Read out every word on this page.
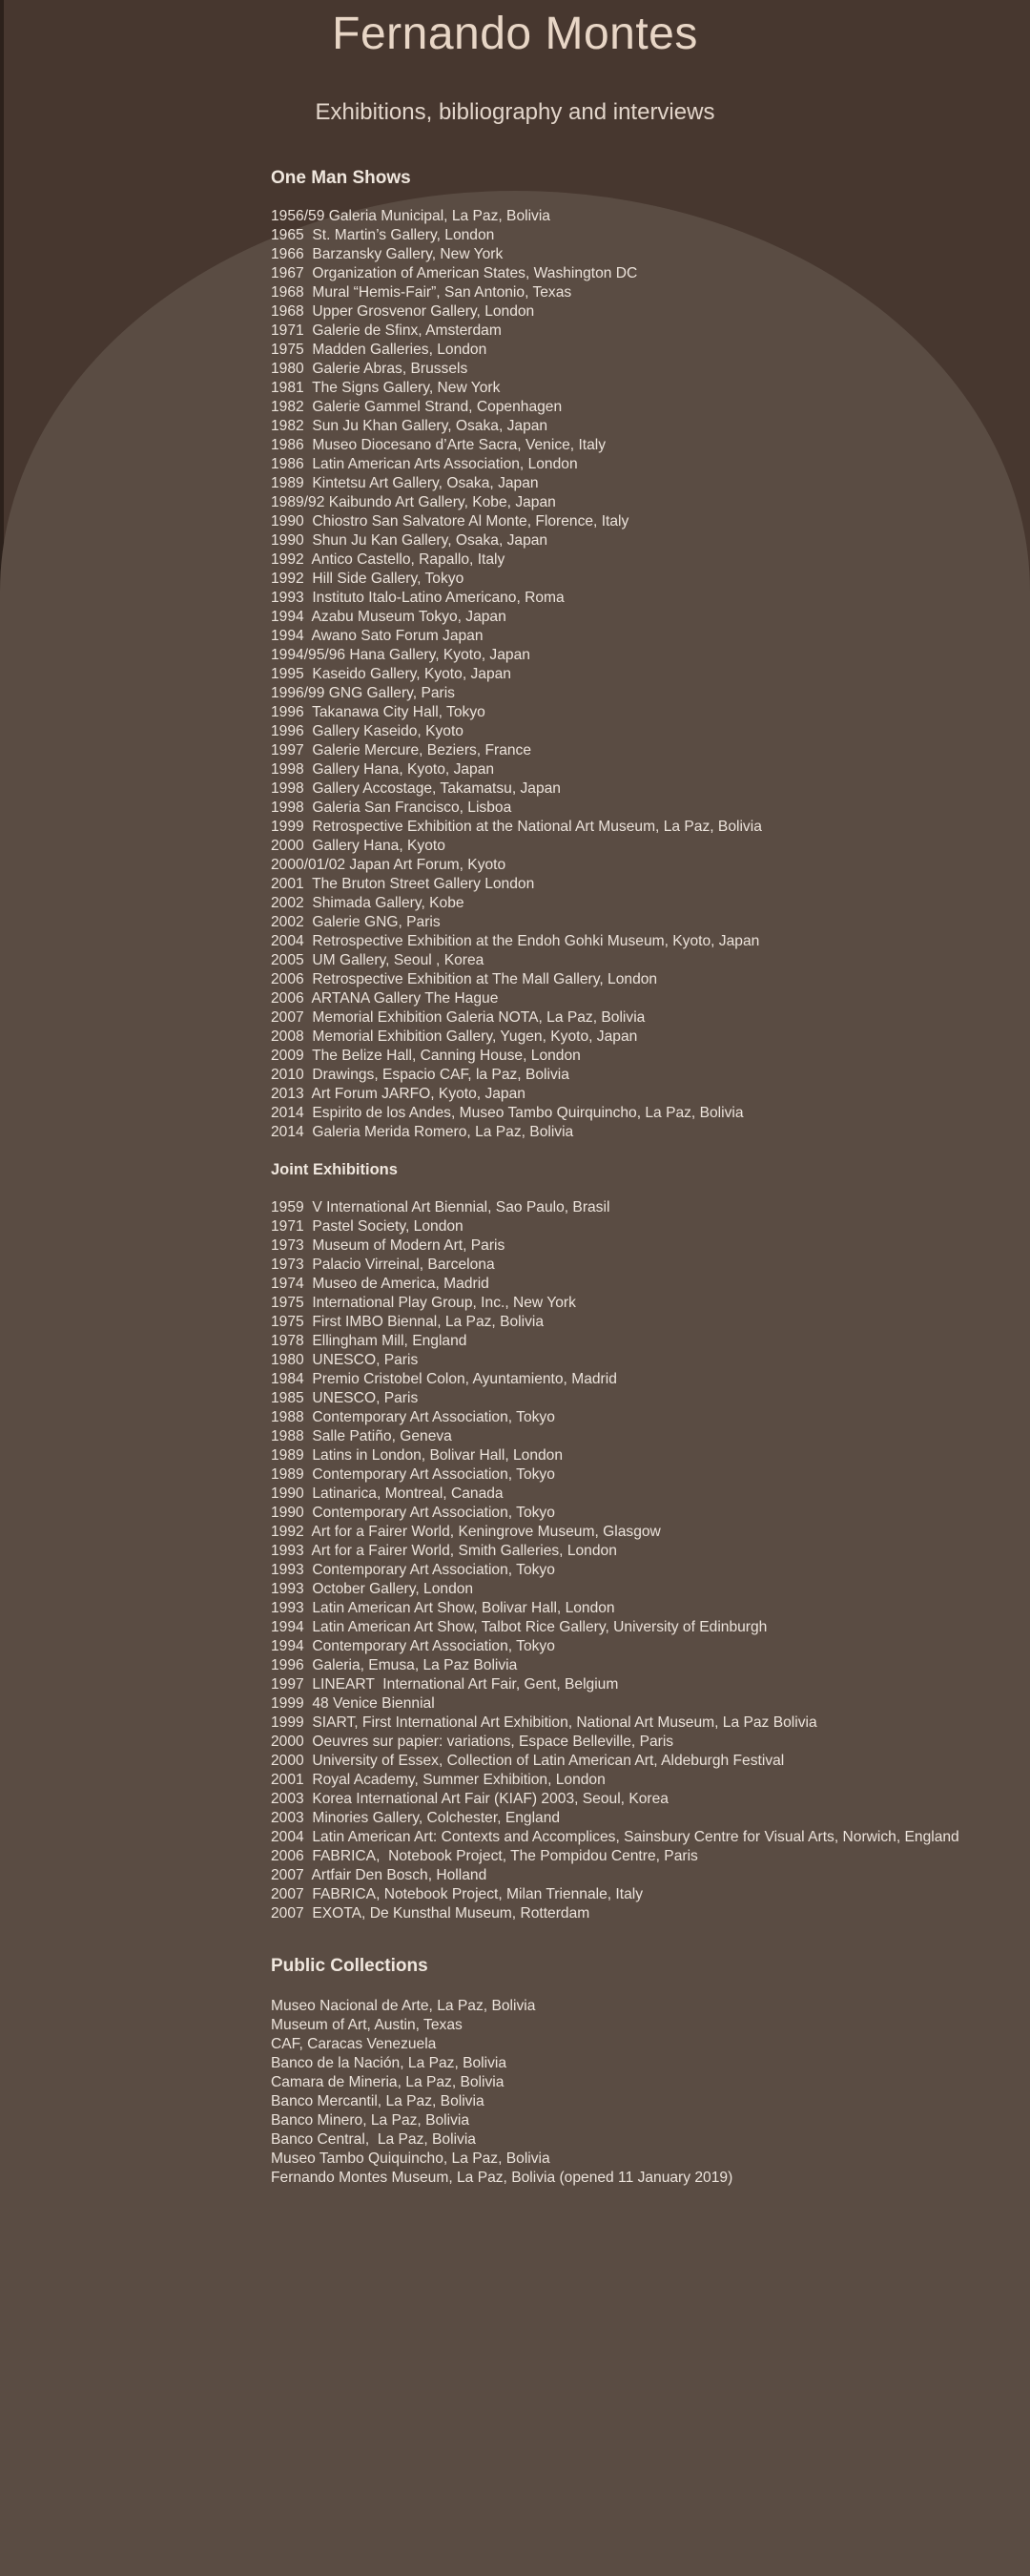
Fernando Montes
Exhibitions, bibliography and interviews
One Man Shows
1956/59 Galeria Municipal, La Paz, Bolivia
1965  St. Martin’s Gallery, London
1966  Barzansky Gallery, New York
1967  Organization of American States, Washington DC
1968  Mural “Hemis-Fair”, San Antonio, Texas
1968  Upper Grosvenor Gallery, London
1971  Galerie de Sfinx, Amsterdam
1975  Madden Galleries, London
1980  Galerie Abras, Brussels
1981  The Signs Gallery, New York
1982  Galerie Gammel Strand, Copenhagen
1982  Sun Ju Khan Gallery, Osaka, Japan
1986  Museo Diocesano d’Arte Sacra, Venice, Italy
1986  Latin American Arts Association, London
1989  Kintetsu Art Gallery, Osaka, Japan
1989/92 Kaibundo Art Gallery, Kobe, Japan
1990  Chiostro San Salvatore Al Monte, Florence, Italy
1990  Shun Ju Kan Gallery, Osaka, Japan
1992  Antico Castello, Rapallo, Italy
1992  Hill Side Gallery, Tokyo
1993  Instituto Italo-Latino Americano, Roma
1994  Azabu Museum Tokyo, Japan
1994  Awano Sato Forum Japan
1994/95/96 Hana Gallery, Kyoto, Japan
1995  Kaseido Gallery, Kyoto, Japan
1996/99 GNG Gallery, Paris
1996  Takanawa City Hall, Tokyo
1996  Gallery Kaseido, Kyoto
1997  Galerie Mercure, Beziers, France
1998  Gallery Hana, Kyoto, Japan
1998  Gallery Accostage, Takamatsu, Japan
1998  Galeria San Francisco, Lisboa
1999  Retrospective Exhibition at the National Art Museum, La Paz, Bolivia
2000  Gallery Hana, Kyoto
2000/01/02 Japan Art Forum, Kyoto
2001  The Bruton Street Gallery London
2002  Shimada Gallery, Kobe
2002  Galerie GNG, Paris
2004  Retrospective Exhibition at the Endoh Gohki Museum, Kyoto, Japan
2005  UM Gallery, Seoul , Korea
2006  Retrospective Exhibition at The Mall Gallery, London
2006  ARTANA Gallery The Hague
2007  Memorial Exhibition Galeria NOTA, La Paz, Bolivia
2008  Memorial Exhibition Gallery, Yugen, Kyoto, Japan
2009  The Belize Hall, Canning House, London
2010  Drawings, Espacio CAF, la Paz, Bolivia
2013  Art Forum JARFO, Kyoto, Japan
2014  Espirito de los Andes, Museo Tambo Quirquincho, La Paz, Bolivia
2014  Galeria Merida Romero, La Paz, Bolivia
Joint Exhibitions
1959  V International Art Biennial, Sao Paulo, Brasil
1971  Pastel Society, London
1973  Museum of Modern Art, Paris
1973  Palacio Virreinal, Barcelona
1974  Museo de America, Madrid
1975  International Play Group, Inc., New York
1975  First IMBO Biennal, La Paz, Bolivia
1978  Ellingham Mill, England
1980  UNESCO, Paris
1984  Premio Cristobel Colon, Ayuntamiento, Madrid
1985  UNESCO, Paris
1988  Contemporary Art Association, Tokyo
1988  Salle Patiño, Geneva
1989  Latins in London, Bolivar Hall, London
1989  Contemporary Art Association, Tokyo
1990  Latinarica, Montreal, Canada
1990  Contemporary Art Association, Tokyo
1992  Art for a Fairer World, Keningrove Museum, Glasgow
1993  Art for a Fairer World, Smith Galleries, London
1993  Contemporary Art Association, Tokyo
1993  October Gallery, London
1993  Latin American Art Show, Bolivar Hall, London
1994  Latin American Art Show, Talbot Rice Gallery, University of Edinburgh
1994  Contemporary Art Association, Tokyo
1996  Galeria, Emusa, La Paz Bolivia
1997  LINEART  International Art Fair, Gent, Belgium
1999  48 Venice Biennial
1999  SIART, First International Art Exhibition, National Art Museum, La Paz Bolivia
2000  Oeuvres sur papier: variations, Espace Belleville, Paris
2000  University of Essex, Collection of Latin American Art, Aldeburgh Festival
2001  Royal Academy, Summer Exhibition, London
2003  Korea International Art Fair (KIAF) 2003, Seoul, Korea
2003  Minories Gallery, Colchester, England
2004  Latin American Art: Contexts and Accomplices, Sainsbury Centre for Visual Arts, Norwich, England
2006  FABRICA,  Notebook Project, The Pompidou Centre, Paris
2007  Artfair Den Bosch, Holland
2007  FABRICA, Notebook Project, Milan Triennale, Italy
2007  EXOTA, De Kunsthal Museum, Rotterdam
Public Collections
Museo Nacional de Arte, La Paz, Bolivia
Museum of Art, Austin, Texas
CAF, Caracas Venezuela
Banco de la Nación, La Paz, Bolivia
Camara de Mineria, La Paz, Bolivia
Banco Mercantil, La Paz, Bolivia
Banco Minero, La Paz, Bolivia
Banco Central,  La Paz, Bolivia
Museo Tambo Quiquincho, La Paz, Bolivia
Fernando Montes Museum, La Paz, Bolivia (opened 11 January 2019)
